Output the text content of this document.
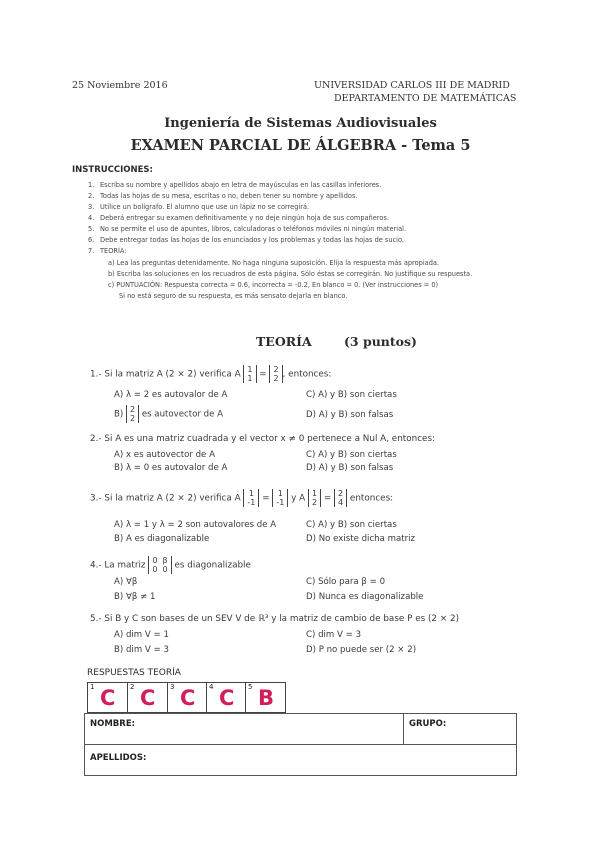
25 Noviembre 2016	UNIVERSIDAD CARLOS III DE MADRID
DEPARTAMENTO DE MATEMÁTICAS
Ingeniería de Sistemas Audiovisuales
EXAMEN PARCIAL DE ÁLGEBRA - Tema 5
INSTRUCCIONES:
1. Escriba su nombre y apellidos abajo en letra de mayúsculas en las casillas inferiores.
2. Todas las hojas de su mesa, escritas o no, deben tener su nombre y apellidos.
3. Utilice un bolígrafo. El alumno que use un lápiz no se corregirá.
4. Deberá entregar su examen definitivamente y no deje ningún hoja de sus compañeros.
5. No se permite el uso de apuntes, libros, calculadoras o teléfonos móviles ni ningún material.
6. Debe entregar todas las hojas de los enunciados y los problemas y todas las hojas de sucio.
7. TEORÍA:
a) Lea las preguntas detenidamente. No haga ninguna suposición. Elija la respuesta más apropiada.
b) Escriba las soluciones en los recuadros de esta página. Sólo éstas se corregirán. No justifique su respuesta.
c) PUNTUACIÓN: Respuesta correcta = 0.6, incorrecta = -0.2, En blanco = 0. (Ver instrucciones = 0)
Si no está seguro de su respuesta, es más sensato dejarla en blanco.
TEORÍA	(3 puntos)
1.- Si la matriz A (2 × 2) verifica A 1
1 = 2
2 , entonces:
A) λ = 2 es autovalor de A
B) 2
2 es autovector de A
C) A) y B) son ciertas
D) A) y B) son falsas
2.- Si A es una matriz cuadrada y el vector x ≠ 0 pertenece a Nul A, entonces:
A) x es autovector de A
B) λ = 0 es autovalor de A
C) A) y B) son ciertas
D) A) y B) son falsas
3.- Si la matriz A (2 × 2) verifica A 1
-1 = 1
-1 y A 1
2 = 2
4 entonces:
A) λ = 1 y λ = 2 son autovalores de A
B) A es diagonalizable
C) A) y B) son ciertas
D) No existe dicha matriz
4.- La matriz 0 β
0 0 es diagonalizable
A) ∀β
B) ∀β ≠ 1
C) Sólo para β = 0
D) Nunca es diagonalizable
5.- Si B y C son bases de un SEV V de ℝ³ y la matriz de cambio de base P es (2 × 2)
A) dim V = 1
B) dim V = 3
C) dim V = 3
D) P no puede ser (2 × 2)
RESPUESTAS TEORÍA
1 C 2 C 3 C 4 C 5 B
NOMBRE:	GRUPO:
APELLIDOS:
